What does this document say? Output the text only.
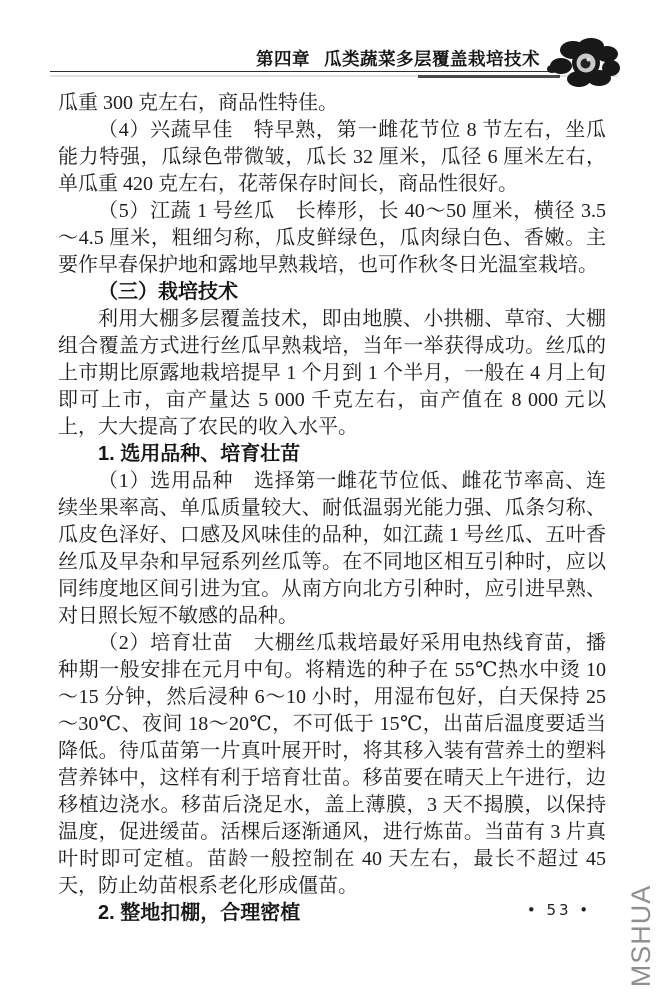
第四章 瓜类蔬菜多层覆盖栽培技术

瓜重 300 克左右，商品性特佳。

（4）兴蔬早佳　特早熟，第一雌花节位 8 节左右，坐瓜能力特强，瓜绿色带微皱，瓜长 32 厘米，瓜径 6 厘米左右，单瓜重 420 克左右，花蒂保存时间长，商品性很好。

（5）江蔬 1 号丝瓜　长棒形，长 40～50 厘米，横径 3.5～4.5 厘米，粗细匀称，瓜皮鲜绿色，瓜肉绿白色、香嫩。主要作早春保护地和露地早熟栽培，也可作秋冬日光温室栽培。

（三）栽培技术

利用大棚多层覆盖技术，即由地膜、小拱棚、草帘、大棚组合覆盖方式进行丝瓜早熟栽培，当年一举获得成功。丝瓜的上市期比原露地栽培提早 1 个月到 1 个半月，一般在 4 月上旬即可上市，亩产量达 5 000 千克左右，亩产值在 8 000 元以上，大大提高了农民的收入水平。

1. 选用品种、培育壮苗

（1）选用品种　选择第一雌花节位低、雌花节率高、连续坐果率高、单瓜质量较大、耐低温弱光能力强、瓜条匀称、瓜皮色泽好、口感及风味佳的品种，如江蔬 1 号丝瓜、五叶香丝瓜及早杂和早冠系列丝瓜等。在不同地区相互引种时，应以同纬度地区间引进为宜。从南方向北方引种时，应引进早熟、对日照长短不敏感的品种。

（2）培育壮苗　大棚丝瓜栽培最好采用电热线育苗，播种期一般安排在元月中旬。将精选的种子在 55℃热水中烫 10～15 分钟，然后浸种 6～10 小时，用湿布包好，白天保持 25～30℃、夜间 18～20℃，不可低于 15℃，出苗后温度要适当降低。待瓜苗第一片真叶展开时，将其移入装有营养土的塑料营养钵中，这样有利于培育壮苗。移苗要在晴天上午进行，边移植边浇水。移苗后浇足水，盖上薄膜，3 天不揭膜，以保持温度，促进缓苗。活棵后逐渐通风，进行炼苗。当苗有 3 片真叶时即可定植。苗龄一般控制在 40 天左右，最长不超过 45 天，防止幼苗根系老化形成僵苗。

2. 整地扣棚，合理密植	• 53 • MSHUA
